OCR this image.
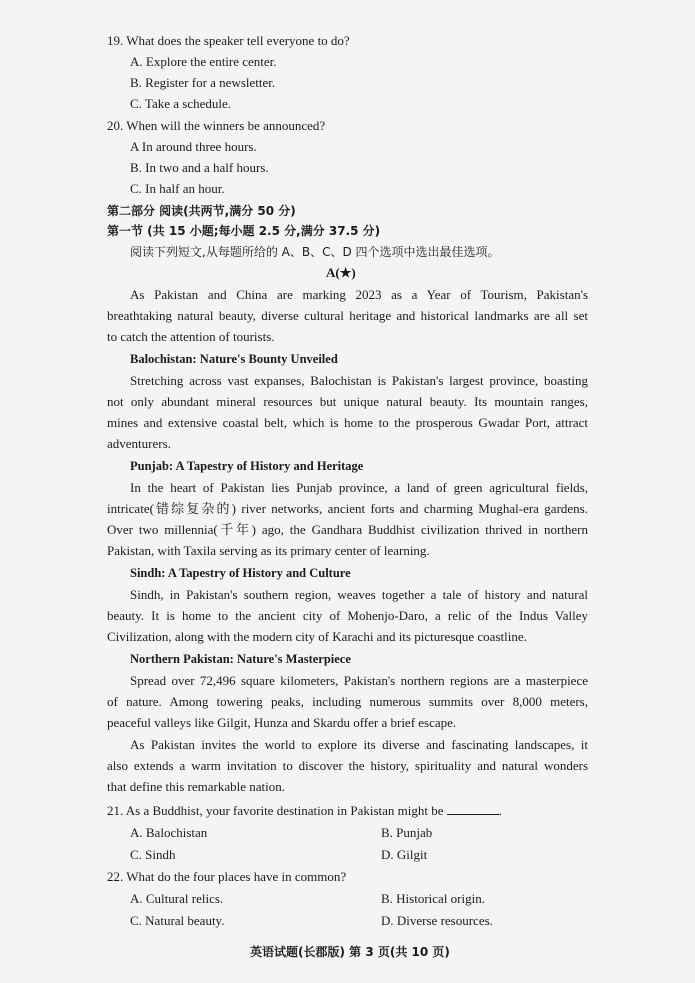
19. What does the speaker tell everyone to do?
A. Explore the entire center.
B. Register for a newsletter.
C. Take a schedule.
20. When will the winners be announced?
A In around three hours.
B. In two and a half hours.
C. In half an hour.
第二部分 阅读(共两节,满分 50 分)
第一节 (共 15 小题;每小题 2.5 分,满分 37.5 分)
阅读下列短文,从每题所给的 A、B、C、D 四个选项中选出最佳选项。
A(★)
As Pakistan and China are marking 2023 as a Year of Tourism, Pakistan's
breathtaking natural beauty, diverse cultural heritage and historical landmarks are all set
to catch the attention of tourists.
Balochistan: Nature's Bounty Unveiled
Stretching across vast expanses, Balochistan is Pakistan's largest province, boasting
not only abundant mineral resources but unique natural beauty. Its mountain ranges,
mines and extensive coastal belt, which is home to the prosperous Gwadar Port, attract
adventurers.
Punjab: A Tapestry of History and Heritage
In the heart of Pakistan lies Punjab province, a land of green agricultural fields,
intricate(错综复杂的) river networks, ancient forts and charming Mughal-era gardens.
Over two millennia(千年) ago, the Gandhara Buddhist civilization thrived in northern
Pakistan, with Taxila serving as its primary center of learning.
Sindh: A Tapestry of History and Culture
Sindh, in Pakistan's southern region, weaves together a tale of history and natural
beauty. It is home to the ancient city of Mohenjo-Daro, a relic of the Indus Valley
Civilization, along with the modern city of Karachi and its picturesque coastline.
Northern Pakistan: Nature's Masterpiece
Spread over 72,496 square kilometers, Pakistan's northern regions are a masterpiece
of nature. Among towering peaks, including numerous summits over 8,000 meters,
peaceful valleys like Gilgit, Hunza and Skardu offer a brief escape.
As Pakistan invites the world to explore its diverse and fascinating landscapes, it
also extends a warm invitation to discover the history, spirituality and natural wonders
that define this remarkable nation.
21. As a Buddhist, your favorite destination in Pakistan might be	.
A. Balochistan	B. Punjab
C. Sindh	D. Gilgit
22. What do the four places have in common?
A. Cultural relics.	B. Historical origin.
C. Natural beauty.	D. Diverse resources.
英语试题(长郡版) 第 3 页(共 10 页)
